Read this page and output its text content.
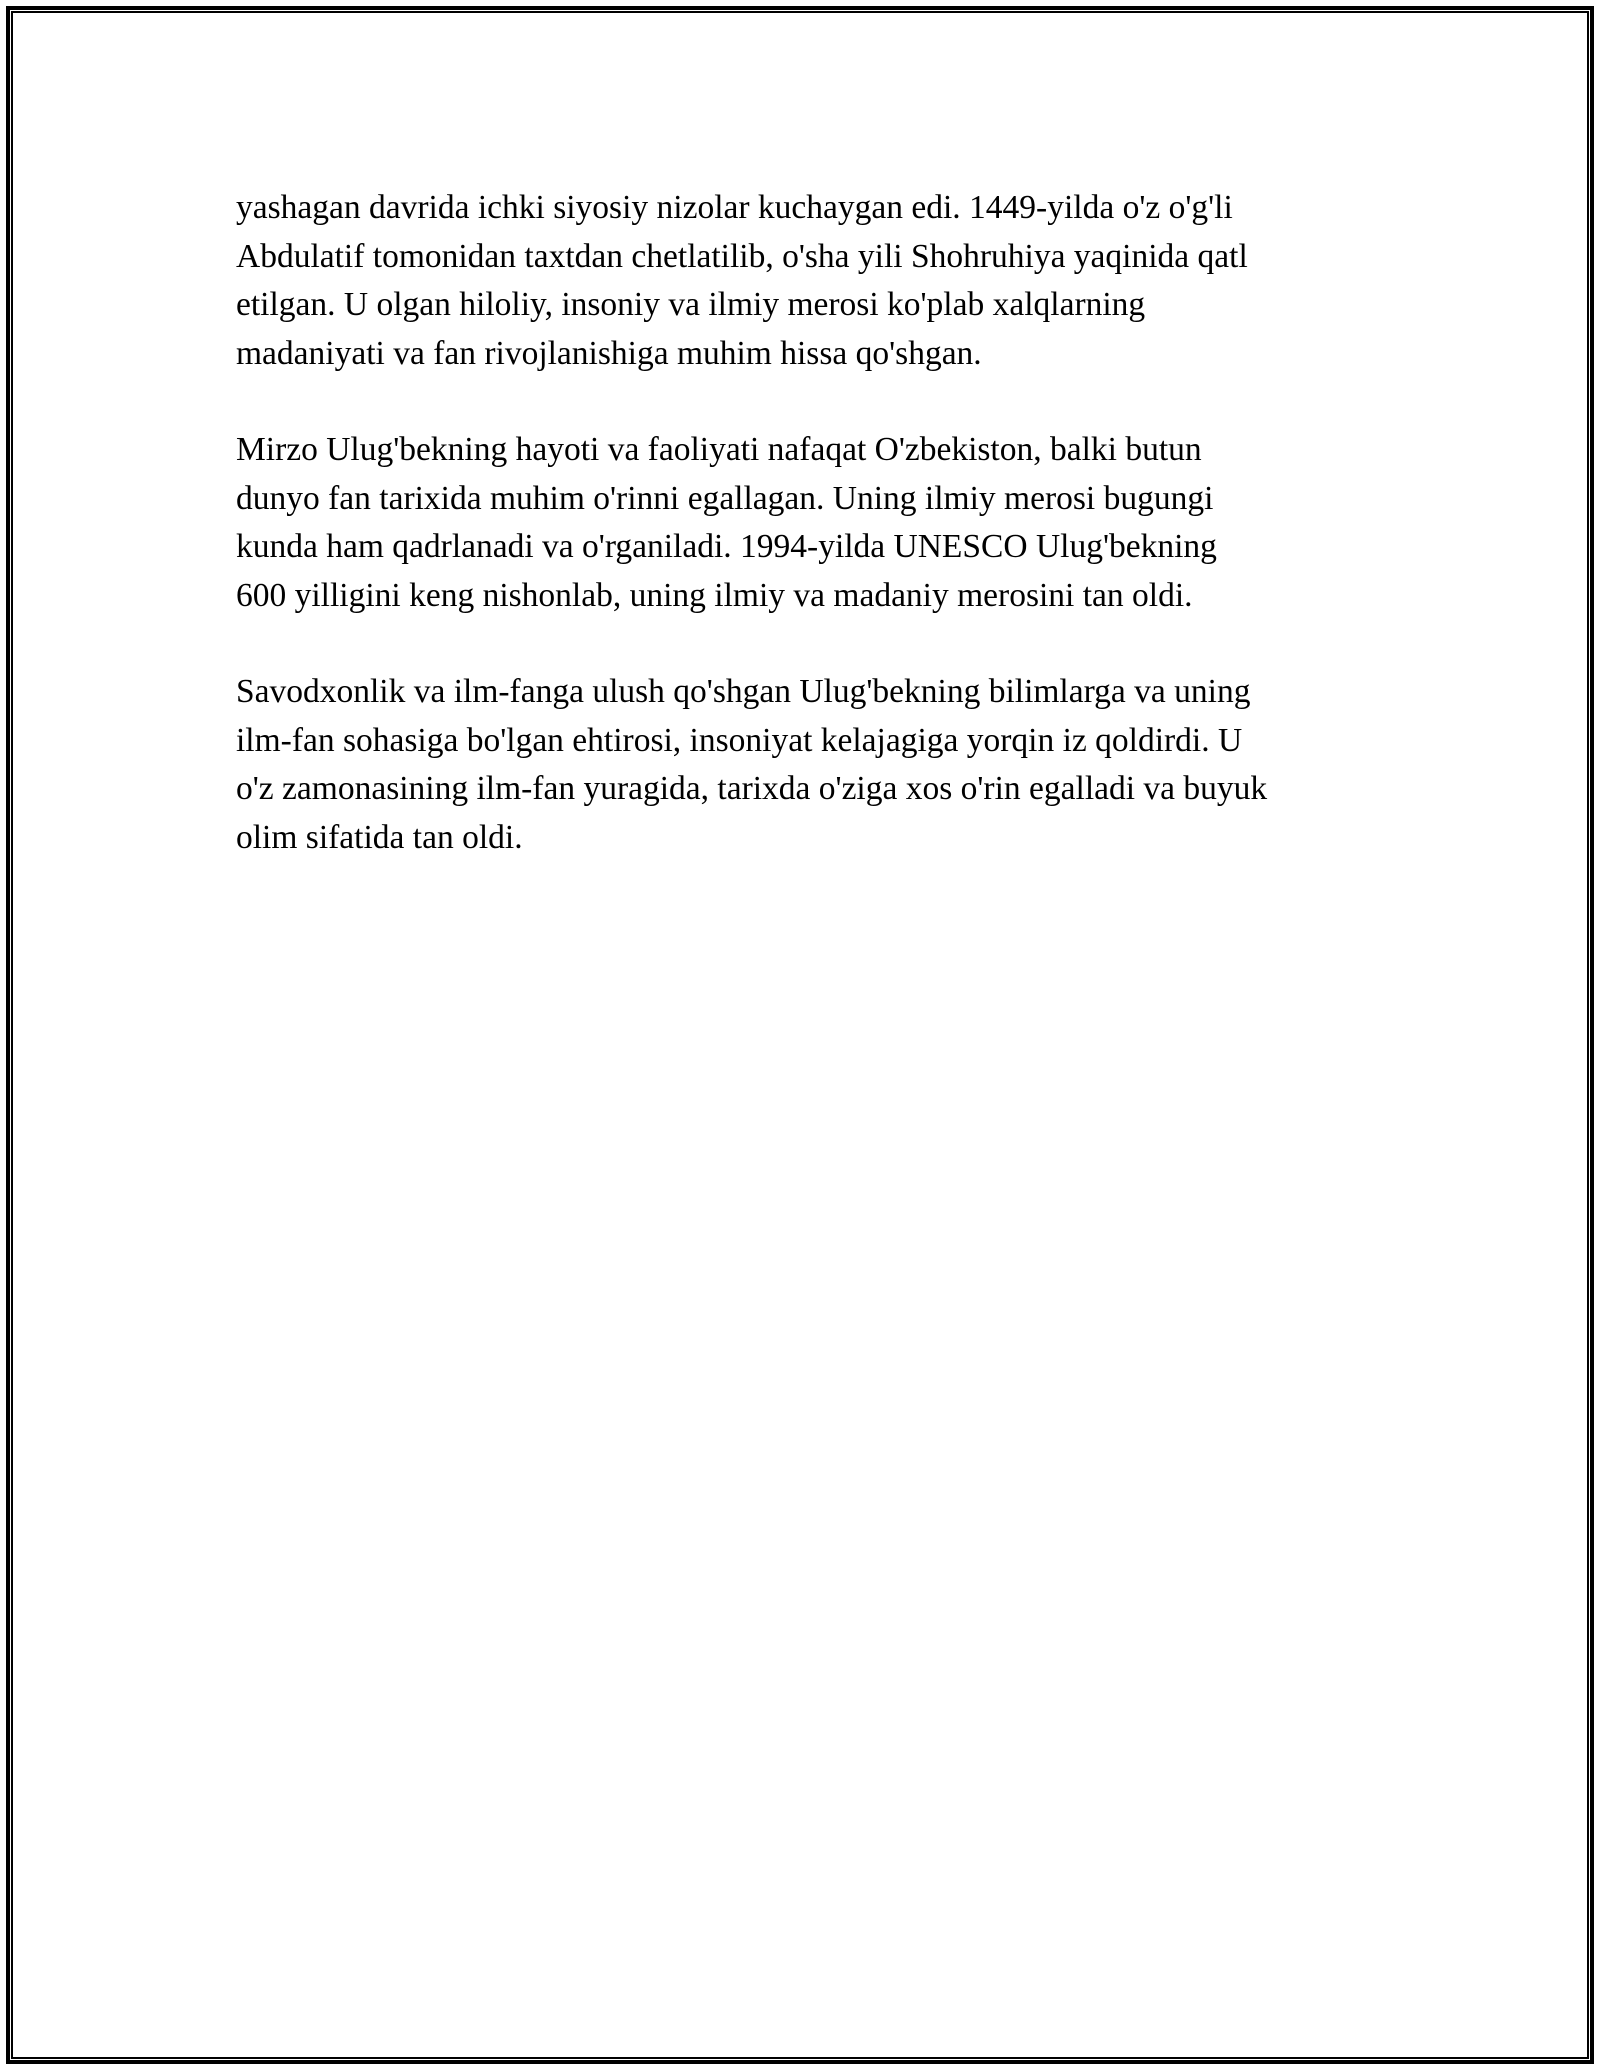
yashagan davrida ichki siyosiy nizolar kuchaygan edi. 1449-yilda o'z o'g'li
Abdulatif tomonidan taxtdan chetlatilib, o'sha yili Shohruhiya yaqinida qatl
etilgan. U olgan hiloliy, insoniy va ilmiy merosi ko'plab xalqlarning
madaniyati va fan rivojlanishiga muhim hissa qo'shgan.

Mirzo Ulug'bekning hayoti va faoliyati nafaqat O'zbekiston, balki butun
dunyo fan tarixida muhim o'rinni egallagan. Uning ilmiy merosi bugungi
kunda ham qadrlanadi va o'rganiladi. 1994-yilda UNESCO Ulug'bekning
600 yilligini keng nishonlab, uning ilmiy va madaniy merosini tan oldi.

Savodxonlik va ilm-fanga ulush qo'shgan Ulug'bekning bilimlarga va uning
ilm-fan sohasiga bo'lgan ehtirosi, insoniyat kelajagiga yorqin iz qoldirdi. U
o'z zamonasining ilm-fan yuragida, tarixda o'ziga xos o'rin egalladi va buyuk
olim sifatida tan oldi.
